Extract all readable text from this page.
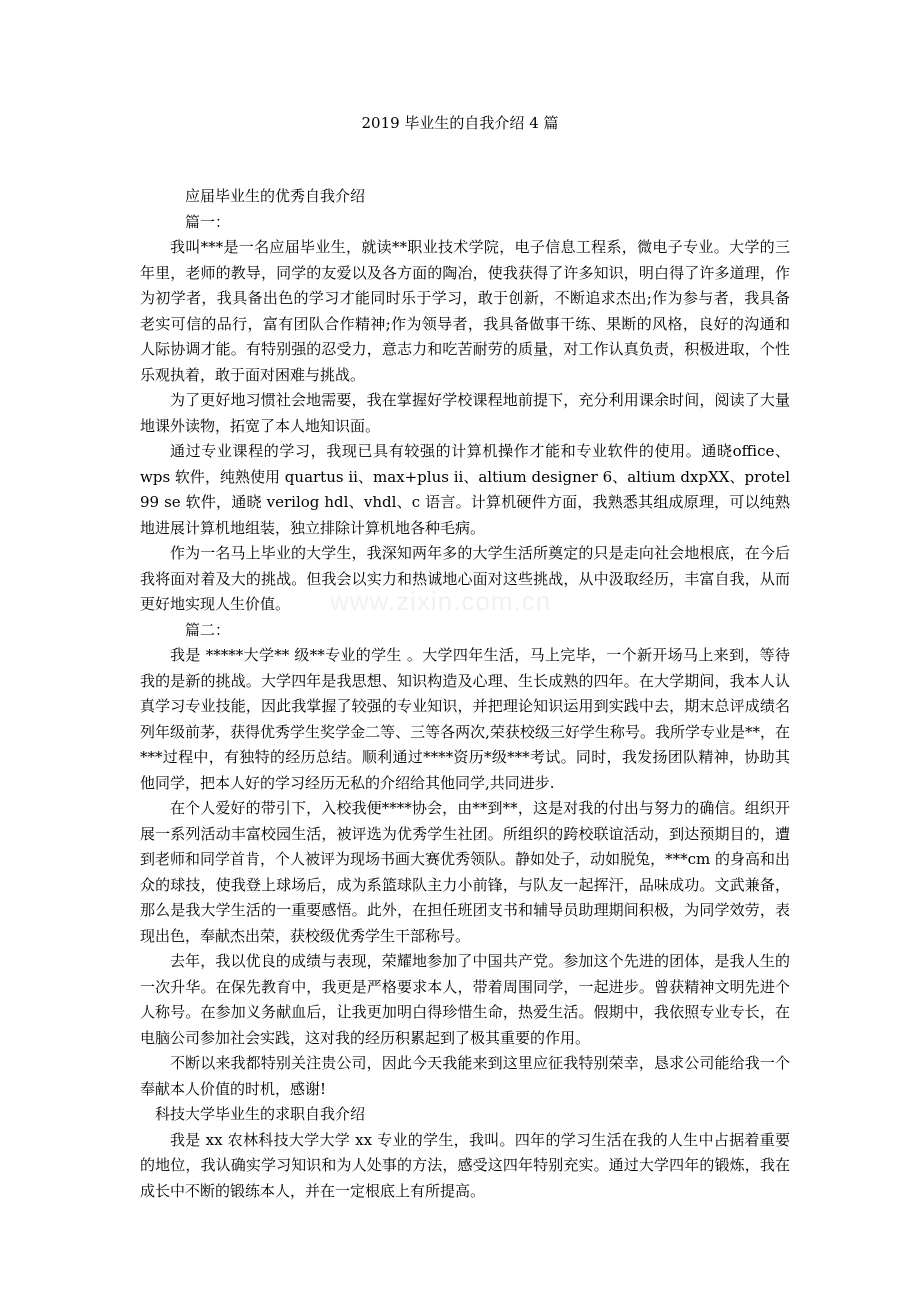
2019 毕业生的自我介绍 4 篇
www.zixin.com.cn

应届毕业生的优秀自我介绍

篇一：

我叫***是一名应届毕业生，就读**职业技术学院，电子信息工程系，微电子专业。大学的三年里，老师的教导，同学的友爱以及各方面的陶冶，使我获得了许多知识，明白得了许多道理，作为初学者，我具备出色的学习才能同时乐于学习，敢于创新，不断追求杰出;作为参与者，我具备老实可信的品行，富有团队合作精神;作为领导者，我具备做事干练、果断的风格，良好的沟通和人际协调才能。有特别强的忍受力，意志力和吃苦耐劳的质量，对工作认真负责，积极进取，个性乐观执着，敢于面对困难与挑战。

为了更好地习惯社会地需要，我在掌握好学校课程地前提下，充分利用课余时间，阅读了大量地课外读物，拓宽了本人地知识面。

通过专业课程的学习，我现已具有较强的计算机操作才能和专业软件的使用。通晓office、wps 软件，纯熟使用 quartus ii、max+plus ii、altium designer 6、altium dxpXX、protel 99 se 软件，通晓 verilog hdl、vhdl、c 语言。计算机硬件方面，我熟悉其组成原理，可以纯熟地进展计算机地组装，独立排除计算机地各种毛病。

作为一名马上毕业的大学生，我深知两年多的大学生活所奠定的只是走向社会地根底，在今后我将面对着及大的挑战。但我会以实力和热诚地心面对这些挑战，从中汲取经历，丰富自我，从而更好地实现人生价值。

篇二：

我是 *****大学** 级**专业的学生 。大学四年生活，马上完毕，一个新开场马上来到，等待我的是新的挑战。大学四年是我思想、知识构造及心理、生长成熟的四年。在大学期间，我本人认真学习专业技能，因此我掌握了较强的专业知识，并把理论知识运用到实践中去，期末总评成绩名列年级前茅，获得优秀学生奖学金二等、三等各两次,荣获校级三好学生称号。我所学专业是**，在***过程中，有独特的经历总结。顺利通过****资历*级***考试。同时，我发扬团队精神，协助其他同学，把本人好的学习经历无私的介绍给其他同学,共同进步.

在个人爱好的带引下，入校我便****协会，由**到**，这是对我的付出与努力的确信。组织开展一系列活动丰富校园生活，被评选为优秀学生社团。所组织的跨校联谊活动，到达预期目的，遭到老师和同学首肯，个人被评为现场书画大赛优秀领队。静如处子，动如脱兔，***cm 的身高和出众的球技，使我登上球场后，成为系篮球队主力小前锋，与队友一起挥汗，品味成功。文武兼备，那么是我大学生活的一重要感悟。此外，在担任班团支书和辅导员助理期间积极，为同学效劳，表现出色，奉献杰出荣，获校级优秀学生干部称号。

去年，我以优良的成绩与表现，荣耀地参加了中国共产党。参加这个先进的团体，是我人生的一次升华。在保先教育中，我更是严格要求本人，带着周围同学，一起进步。曾获精神文明先进个人称号。在参加义务献血后，让我更加明白得珍惜生命，热爱生活。假期中，我依照专业专长，在电脑公司参加社会实践，这对我的经历积累起到了极其重要的作用。

不断以来我都特别关注贵公司，因此今天我能来到这里应征我特别荣幸，恳求公司能给我一个奉献本人价值的时机，感谢!

科技大学毕业生的求职自我介绍

我是 xx 农林科技大学大学 xx 专业的学生，我叫。四年的学习生活在我的人生中占据着重要的地位，我认确实学习知识和为人处事的方法，感受这四年特别充实。通过大学四年的锻炼，我在成长中不断的锻练本人，并在一定根底上有所提高。
